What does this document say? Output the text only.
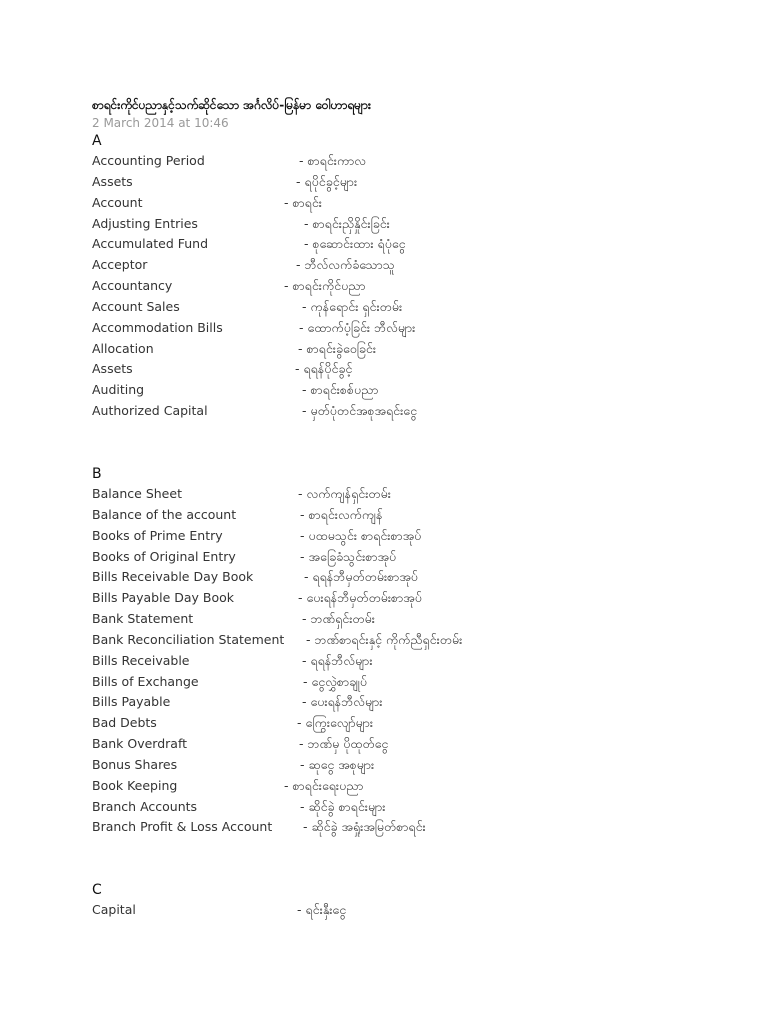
စာရင်းကိုင်ပညာနှင့်သက်ဆိုင်သော အင်္ဂလိပ်-မြန်မာ ဝေါဟာရများ
2 March 2014 at 10:46
A
Accounting Period	- စာရင်းကာလ
Assets	- ရပိုင်ခွင့်များ
Account	- စာရင်း
Adjusting Entries	- စာရင်းညှိနှိုင်းခြင်း
Accumulated Fund	- စုဆောင်းထား ရံပုံငွေ
Acceptor	- ဘီလ်လက်ခံသောသူ
Accountancy	- စာရင်းကိုင်ပညာ
Account Sales	- ကုန်ရောင်း ရှင်းတမ်း
Accommodation Bills	- ထောက်ပံ့ခြင်း ဘီလ်များ
Allocation	- စာရင်းခွဲဝေခြင်း
Assets	- ရရန်ပိုင်ခွင့်
Auditing	- စာရင်းစစ်ပညာ
Authorized Capital	- မှတ်ပုံတင်အစုအရင်းငွေ
B
Balance Sheet	- လက်ကျန်ရှင်းတမ်း
Balance of the account	- စာရင်းလက်ကျန်
Books of Prime Entry	- ပထမသွင်း စာရင်းစာအုပ်
Books of Original Entry	- အခြေခံသွင်းစာအုပ်
Bills Receivable Day Book	- ရရန်ဘီမှတ်တမ်းစာအုပ်
Bills Payable Day Book	- ပေးရန်ဘီမှတ်တမ်းစာအုပ်
Bank Statement	- ဘဏ်ရှင်းတမ်း
Bank Reconciliation Statement - ဘဏ်စာရင်းနှင့် ကိုက်ညီရှင်းတမ်း
Bills Receivable	- ရရန်ဘီလ်များ
Bills of Exchange	- ငွေလွှဲစာချုပ်
Bills Payable	- ပေးရန်ဘီလ်များ
Bad Debts	- ကြွေးလျော်များ
Bank Overdraft	- ဘဏ်မှ ပိုထုတ်ငွေ
Bonus Shares	- ဆုငွေ အစုများ
Book Keeping	- စာရင်းရေးပညာ
Branch Accounts	- ဆိုင်ခွဲ စာရင်းများ
Branch Profit & Loss Account - ဆိုင်ခွဲ အရှုံးအမြတ်စာရင်း
C
Capital	- ရင်းနှီးငွေ
